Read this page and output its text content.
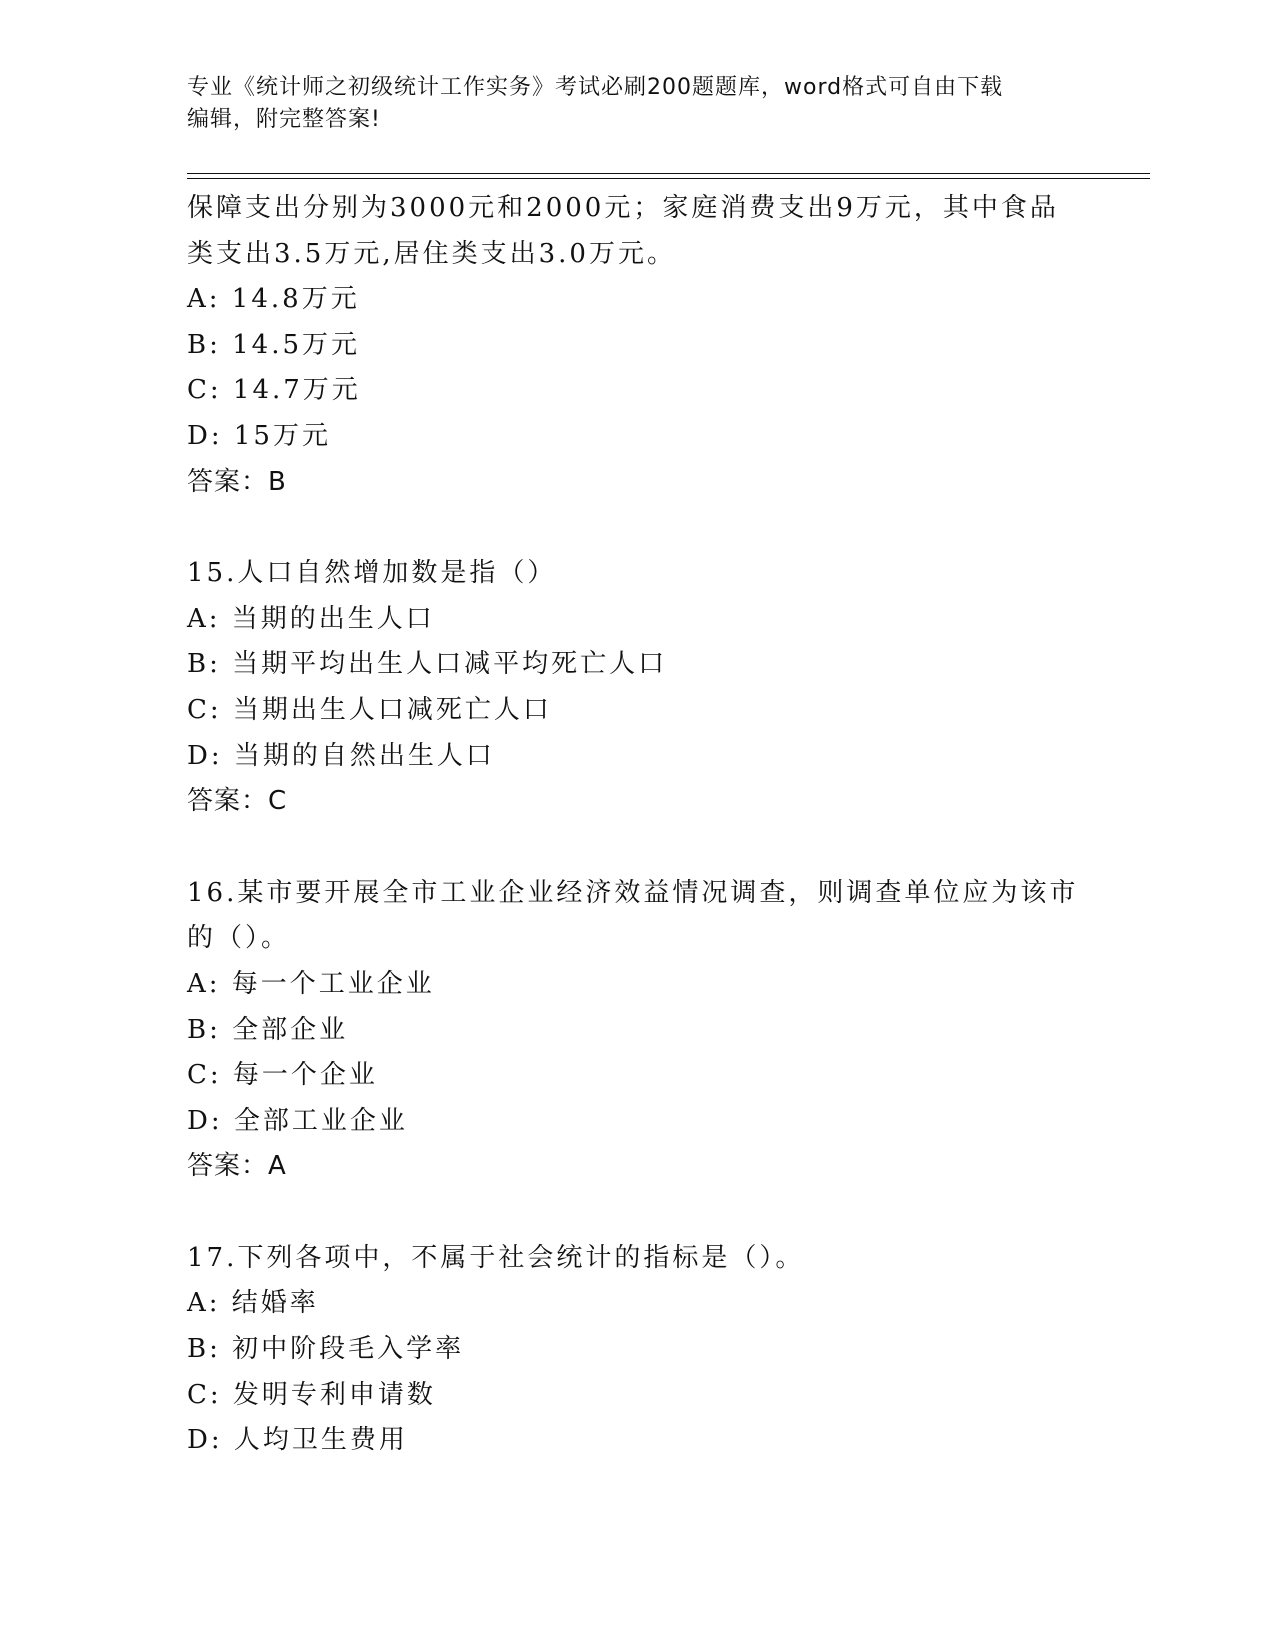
专业《统计师之初级统计工作实务》考试必刷200题题库，word格式可自由下载
编辑，附完整答案!
保障支出分别为3000元和2000元；家庭消费支出9万元，其中食品
类支出3.5万元,居住类支出3.0万元。
A: 14.8万元
B: 14.5万元
C: 14.7万元
D: 15万元
答案：B
15.人口自然增加数是指（）
A: 当期的出生人口
B: 当期平均出生人口减平均死亡人口
C: 当期出生人口减死亡人口
D: 当期的自然出生人口
答案：C
16.某市要开展全市工业企业经济效益情况调查，则调查单位应为该市
的（）。
A: 每一个工业企业
B: 全部企业
C: 每一个企业
D: 全部工业企业
答案：A
17.下列各项中，不属于社会统计的指标是（）。
A: 结婚率
B: 初中阶段毛入学率
C: 发明专利申请数
D: 人均卫生费用
